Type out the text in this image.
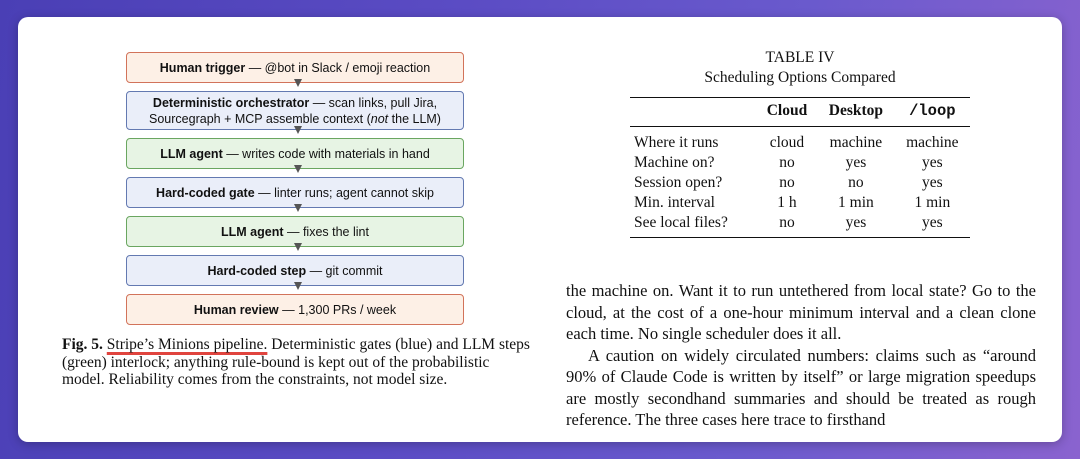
Human trigger — @bot in Slack / emoji reaction
Deterministic orchestrator — scan links, pull Jira,
Sourcegraph + MCP assemble context (not the LLM)
LLM agent — writes code with materials in hand
Hard-coded gate — linter runs; agent cannot skip
LLM agent — fixes the lint
Hard-coded step — git commit
Human review — 1,300 PRs / week
Fig. 5. Stripe’s Minions pipeline. Deterministic gates (blue) and LLM steps (green) interlock; anything rule-bound is kept out of the probabilistic model. Reliability comes from the constraints, not model size.
TABLE IV
Scheduling Options Compared
	Cloud	Desktop	/loop
Where it runs	cloud	machine	machine
Machine on?	no	yes	yes
Session open?	no	no	yes
Min. interval	1 h	1 min	1 min
See local files?	no	yes	yes

the machine on. Want it to run untethered from local state? Go to the cloud, at the cost of a one-hour minimum interval and a clean clone each time. No single scheduler does it all.

A caution on widely circulated numbers: claims such as “around 90% of Claude Code is written by itself” or large migration speedups are mostly secondhand summaries and should be treated as rough reference. The three cases here trace to firsthand
